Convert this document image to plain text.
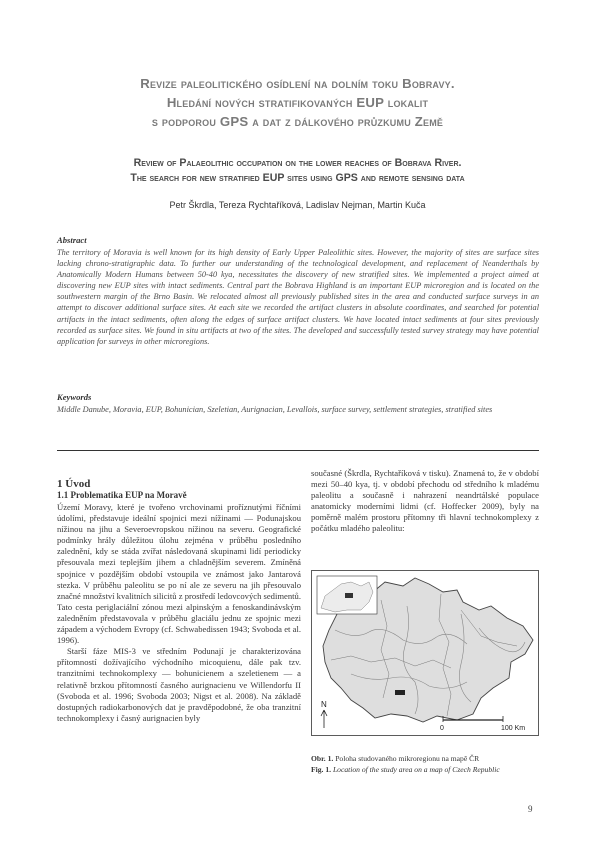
Revize paleolitického osídlení na dolním toku Bobravy.
Hledání nových stratifikovaných EUP lokalit
s podporou GPS a dat z dálkového průzkumu Země
Review of Palaeolithic occupation on the lower reaches of Bobrava River.
The search for new stratified EUP sites using GPS and remote sensing data
Petr Škrdla, Tereza Rychtaříková, Ladislav Nejman, Martin Kuča
Abstract
The territory of Moravia is well known for its high density of Early Upper Paleolithic sites. However, the majority of sites are surface sites lacking chrono-stratigraphic data. To further our understanding of the technological development, and replacement of Neanderthals by Anatomically Modern Humans between 50-40 kya, necessitates the discovery of new stratified sites. We implemented a project aimed at discovering new EUP sites with intact sediments. Central part the Bobrava Highland is an important EUP microregion and is located on the southwestern margin of the Brno Basin. We relocated almost all previously published sites in the area and conducted surface surveys in an attempt to discover additional surface sites. At each site we recorded the artifact clusters in absolute coordinates, and searched for potential artifacts in the intact sediments, often along the edges of surface artifact clusters. We have located intact sediments at four sites previously recorded as surface sites. We found in situ artifacts at two of the sites. The developed and successfully tested survey strategy may have potential application for surveys in other microregions.
Keywords
Middle Danube, Moravia, EUP, Bohunician, Szeletian, Aurignacian, Levallois, surface survey, settlement strategies, stratified sites
1 Úvod
1.1 Problematika EUP na Moravě

Území Moravy, které je tvořeno vrchovinami proříznutými říčními údolími, představuje ideální spojnici mezi nížinami — Podunajskou nížinou na jihu a Severoevropskou nížinou na severu. Geografické podmínky hrály důležitou úlohu zejména v průběhu posledního zalednění, kdy se stáda zvířat následovaná skupinami lidí periodicky přesouvala mezi teplejším jihem a chladnějším severem. Zmíněná spojnice v pozdějším období vstoupila ve známost jako Jantarová stezka. V průběhu paleolitu se po ní ale ze severu na jih přesouvalo značné množství kvalitních silicitů z prostředí ledovcových sedimentů. Tato cesta periglaciální zónou mezi alpinským a fenoskandinávským zaledněním představovala v průběhu glaciálu jednu ze spojnic mezi západem a východem Evropy (cf. Schwabedissen 1943; Svoboda et al. 1996).

Starší fáze MIS-3 ve středním Podunají je charakterizována přítomností dožívajícího východního micoquienu, dále pak tzv. tranzitními technokomplexy — bohunicienem a szeletienem — a relativně brzkou přítomností časného aurignacienu ve Willendorfu II (Svoboda et al. 1996; Svoboda 2003; Nigst et al. 2008). Na základě dostupných radiokarbonových dat je pravděpodobné, že oba tranzitní technokomplexy i časný aurignacien byly

současné (Škrdla, Rychtaříková v tisku). Znamená to, že v období mezi 50–40 kya, tj. v období přechodu od středního k mladému paleolitu a současně i nahrazení neandrtálské populace anatomicky moderními lidmi (cf. Hoffecker 2009), byly na poměrně malém prostoru přítomny tři hlavní technokomplexy z počátku mladého paleolitu:

N
0	100 Km
Obr. 1. Poloha studovaného mikroregionu na mapě ČR
Fig. 1. Location of the study area on a map of Czech Republic
9
